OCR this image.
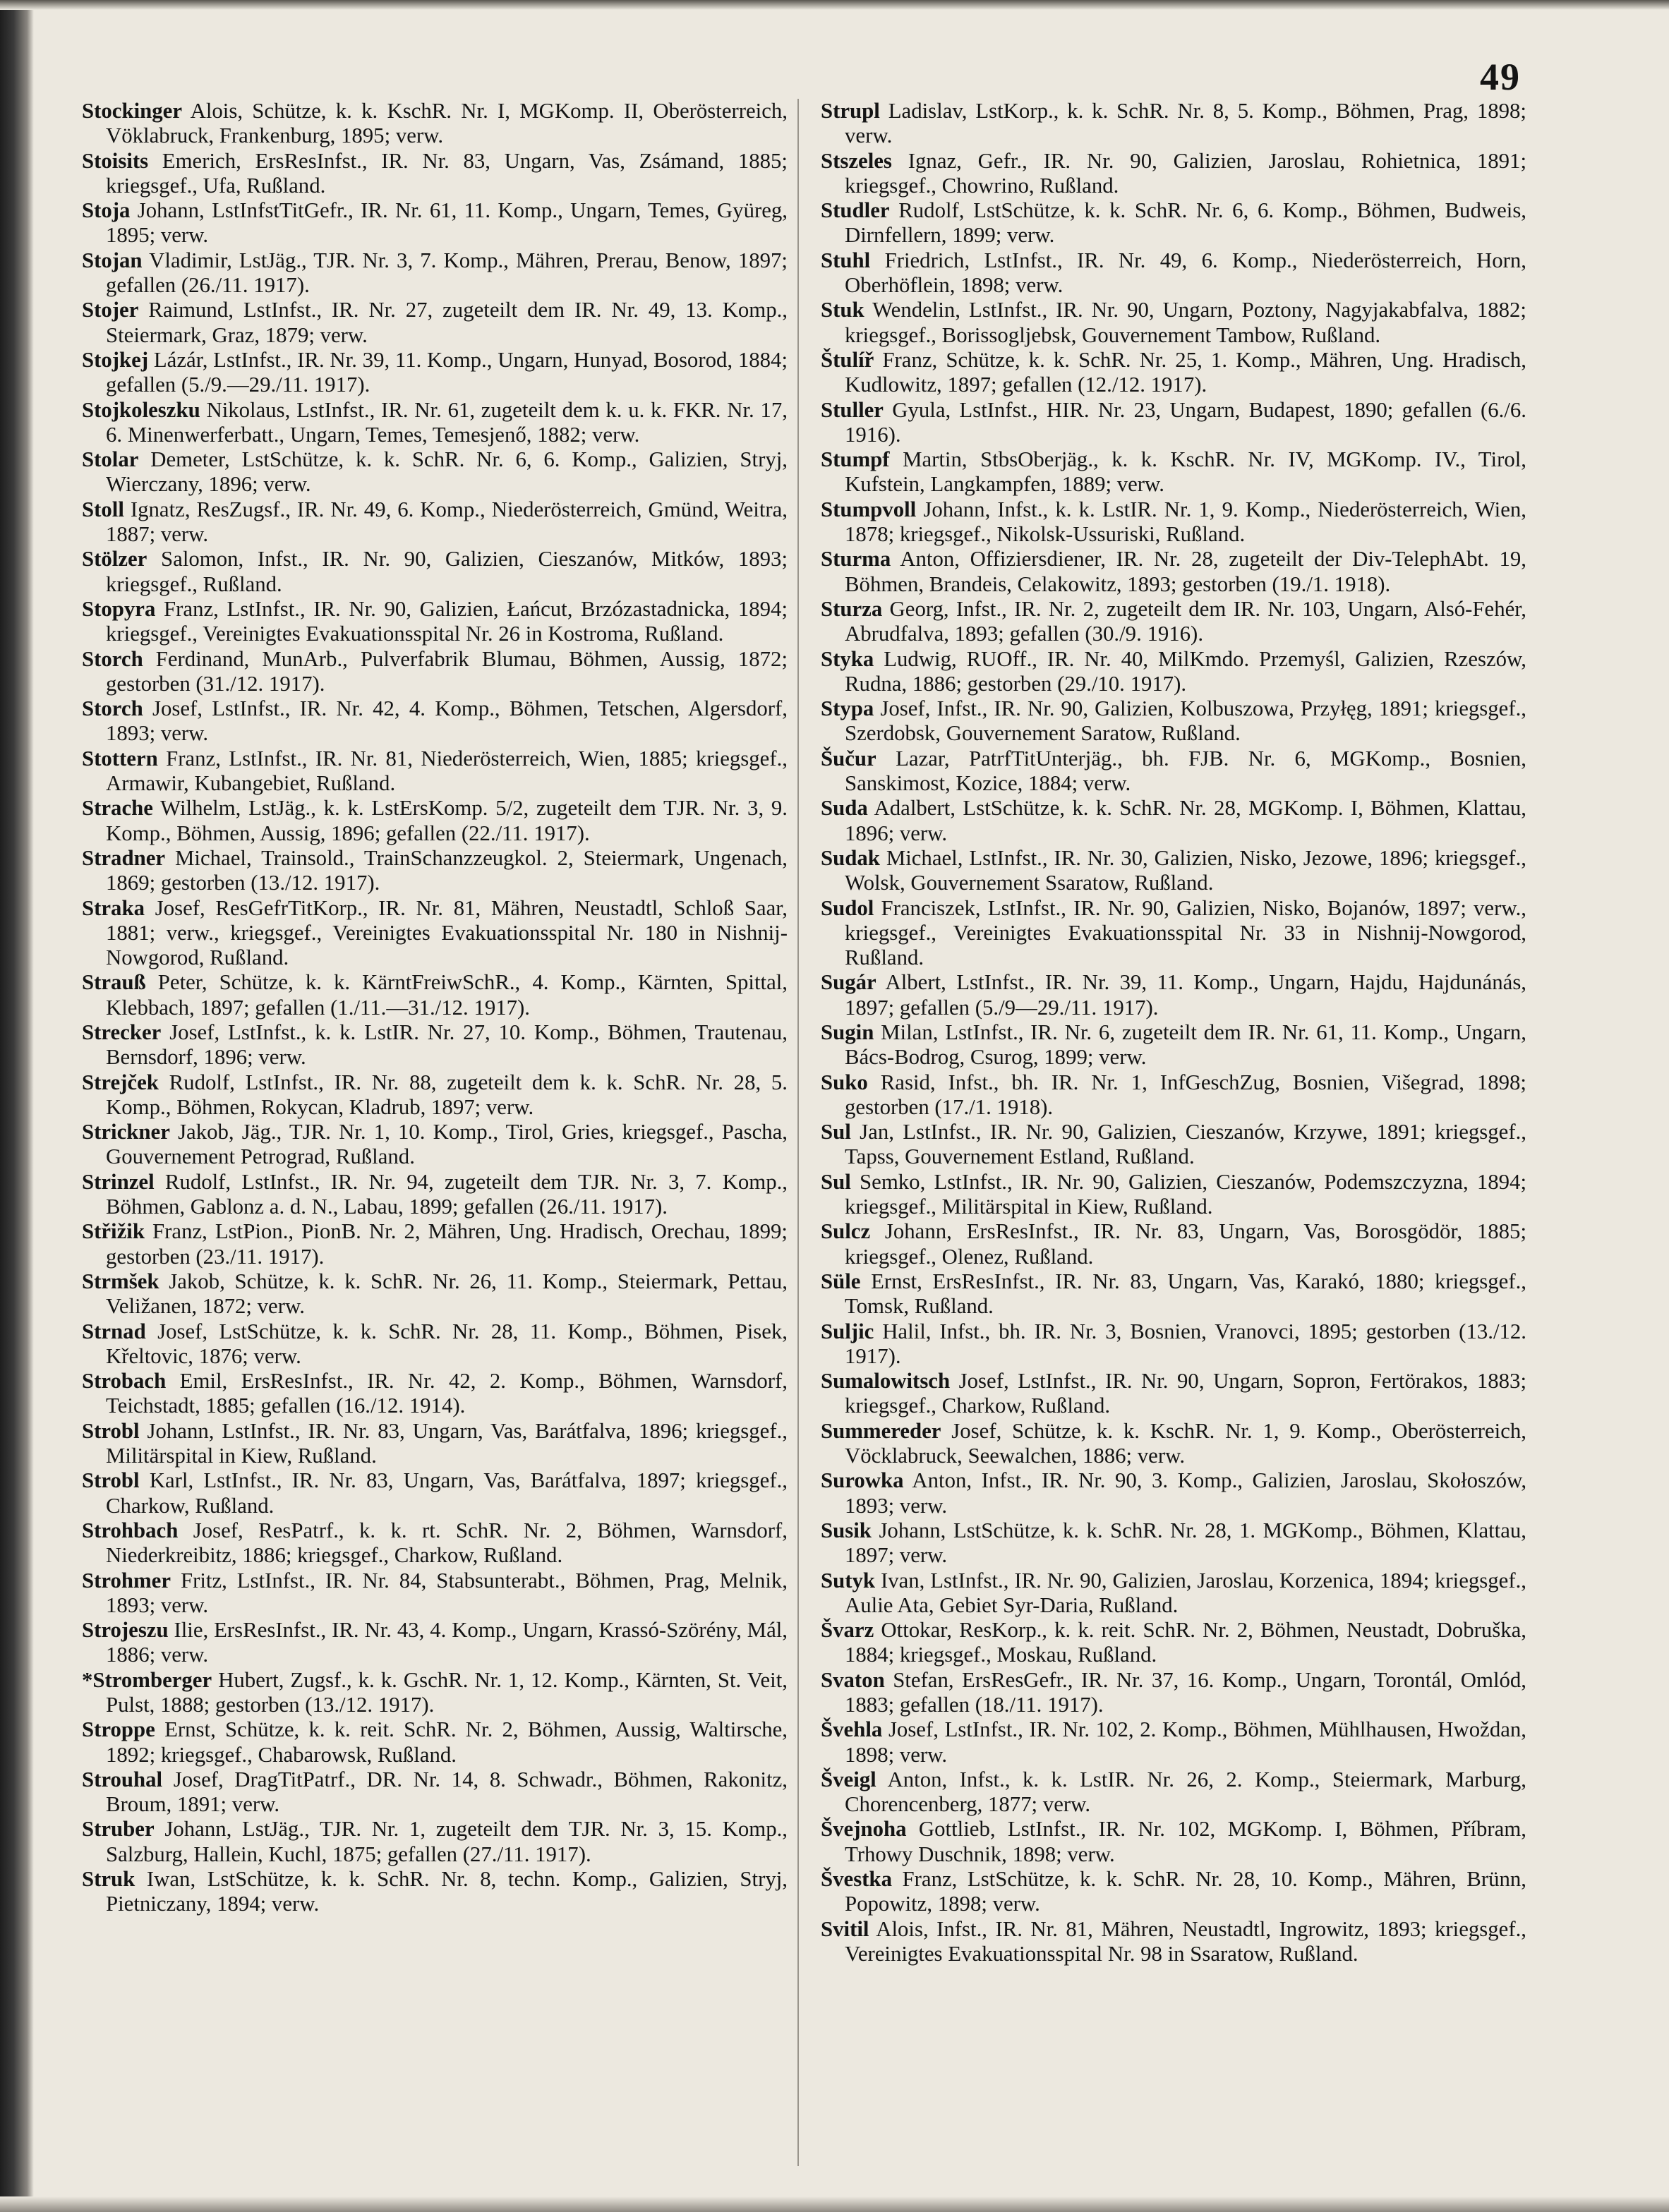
49

Stockinger Alois, Schütze, k. k. KschR. Nr. I, MGKomp. II, Oberösterreich, Vöklabruck, Frankenburg, 1895; verw.

Stoisits Emerich, ErsResInfst., IR. Nr. 83, Ungarn, Vas, Zsámand, 1885; kriegsgef., Ufa, Rußland.

Stoja Johann, LstInfstTitGefr., IR. Nr. 61, 11. Komp., Ungarn, Temes, Gyüreg, 1895; verw.

Stojan Vladimir, LstJäg., TJR. Nr. 3, 7. Komp., Mähren, Prerau, Benow, 1897; gefallen (26./11. 1917).

Stojer Raimund, LstInfst., IR. Nr. 27, zugeteilt dem IR. Nr. 49, 13. Komp., Steiermark, Graz, 1879; verw.

Stojkej Lázár, LstInfst., IR. Nr. 39, 11. Komp., Ungarn, Hunyad, Bosorod, 1884; gefallen (5./9.—29./11. 1917).

Stojkoleszku Nikolaus, LstInfst., IR. Nr. 61, zugeteilt dem k. u. k. FKR. Nr. 17, 6. Minenwerferbatt., Ungarn, Temes, Temesjenő, 1882; verw.

Stolar Demeter, LstSchütze, k. k. SchR. Nr. 6, 6. Komp., Galizien, Stryj, Wierczany, 1896; verw.

Stoll Ignatz, ResZugsf., IR. Nr. 49, 6. Komp., Niederösterreich, Gmünd, Weitra, 1887; verw.

Stölzer Salomon, Infst., IR. Nr. 90, Galizien, Cieszanów, Mitków, 1893; kriegsgef., Rußland.

Stopyra Franz, LstInfst., IR. Nr. 90, Galizien, Łańcut, Brzózastadnicka, 1894; kriegsgef., Vereinigtes Evakuationsspital Nr. 26 in Kostroma, Rußland.

Storch Ferdinand, MunArb., Pulverfabrik Blumau, Böhmen, Aussig, 1872; gestorben (31./12. 1917).

Storch Josef, LstInfst., IR. Nr. 42, 4. Komp., Böhmen, Tetschen, Algersdorf, 1893; verw.

Stottern Franz, LstInfst., IR. Nr. 81, Niederösterreich, Wien, 1885; kriegsgef., Armawir, Kubangebiet, Rußland.

Strache Wilhelm, LstJäg., k. k. LstErsKomp. 5/2, zugeteilt dem TJR. Nr. 3, 9. Komp., Böhmen, Aussig, 1896; gefallen (22./11. 1917).

Stradner Michael, Trainsold., TrainSchanzzeugkol. 2, Steiermark, Ungenach, 1869; gestorben (13./12. 1917).

Straka Josef, ResGefrTitKorp., IR. Nr. 81, Mähren, Neustadtl, Schloß Saar, 1881; verw., kriegsgef., Vereinigtes Evakuationsspital Nr. 180 in Nishnij-Nowgorod, Rußland.

Strauß Peter, Schütze, k. k. KärntFreiwSchR., 4. Komp., Kärnten, Spittal, Klebbach, 1897; gefallen (1./11.—31./12. 1917).

Strecker Josef, LstInfst., k. k. LstIR. Nr. 27, 10. Komp., Böhmen, Trautenau, Bernsdorf, 1896; verw.

Strejček Rudolf, LstInfst., IR. Nr. 88, zugeteilt dem k. k. SchR. Nr. 28, 5. Komp., Böhmen, Rokycan, Kladrub, 1897; verw.

Strickner Jakob, Jäg., TJR. Nr. 1, 10. Komp., Tirol, Gries, kriegsgef., Pascha, Gouvernement Petrograd, Rußland.

Strinzel Rudolf, LstInfst., IR. Nr. 94, zugeteilt dem TJR. Nr. 3, 7. Komp., Böhmen, Gablonz a. d. N., Labau, 1899; gefallen (26./11. 1917).

Střižik Franz, LstPion., PionB. Nr. 2, Mähren, Ung. Hradisch, Orechau, 1899; gestorben (23./11. 1917).

Strmšek Jakob, Schütze, k. k. SchR. Nr. 26, 11. Komp., Steiermark, Pettau, Veližanen, 1872; verw.

Strnad Josef, LstSchütze, k. k. SchR. Nr. 28, 11. Komp., Böhmen, Pisek, Křeltovic, 1876; verw.

Strobach Emil, ErsResInfst., IR. Nr. 42, 2. Komp., Böhmen, Warnsdorf, Teichstadt, 1885; gefallen (16./12. 1914).

Strobl Johann, LstInfst., IR. Nr. 83, Ungarn, Vas, Barátfalva, 1896; kriegsgef., Militärspital in Kiew, Rußland.

Strobl Karl, LstInfst., IR. Nr. 83, Ungarn, Vas, Barátfalva, 1897; kriegsgef., Charkow, Rußland.

Strohbach Josef, ResPatrf., k. k. rt. SchR. Nr. 2, Böhmen, Warnsdorf, Niederkreibitz, 1886; kriegsgef., Charkow, Rußland.

Strohmer Fritz, LstInfst., IR. Nr. 84, Stabsunterabt., Böhmen, Prag, Melnik, 1893; verw.

Strojeszu Ilie, ErsResInfst., IR. Nr. 43, 4. Komp., Ungarn, Krassó-Szörény, Mál, 1886; verw.

*Stromberger Hubert, Zugsf., k. k. GschR. Nr. 1, 12. Komp., Kärnten, St. Veit, Pulst, 1888; gestorben (13./12. 1917).

Stroppe Ernst, Schütze, k. k. reit. SchR. Nr. 2, Böhmen, Aussig, Waltirsche, 1892; kriegsgef., Chabarowsk, Rußland.

Strouhal Josef, DragTitPatrf., DR. Nr. 14, 8. Schwadr., Böhmen, Rakonitz, Broum, 1891; verw.

Struber Johann, LstJäg., TJR. Nr. 1, zugeteilt dem TJR. Nr. 3, 15. Komp., Salzburg, Hallein, Kuchl, 1875; gefallen (27./11. 1917).

Struk Iwan, LstSchütze, k. k. SchR. Nr. 8, techn. Komp., Galizien, Stryj, Pietniczany, 1894; verw.

Strupl Ladislav, LstKorp., k. k. SchR. Nr. 8, 5. Komp., Böhmen, Prag, 1898; verw.

Stszeles Ignaz, Gefr., IR. Nr. 90, Galizien, Jaroslau, Rohietnica, 1891; kriegsgef., Chowrino, Rußland.

Studler Rudolf, LstSchütze, k. k. SchR. Nr. 6, 6. Komp., Böhmen, Budweis, Dirnfellern, 1899; verw.

Stuhl Friedrich, LstInfst., IR. Nr. 49, 6. Komp., Niederösterreich, Horn, Oberhöflein, 1898; verw.

Stuk Wendelin, LstInfst., IR. Nr. 90, Ungarn, Poztony, Nagyjakabfalva, 1882; kriegsgef., Borissoglјebsk, Gouvernement Tambow, Rußland.

Štulíř Franz, Schütze, k. k. SchR. Nr. 25, 1. Komp., Mähren, Ung. Hradisch, Kudlowitz, 1897; gefallen (12./12. 1917).

Stuller Gyula, LstInfst., HIR. Nr. 23, Ungarn, Budapest, 1890; gefallen (6./6. 1916).

Stumpf Martin, StbsOberjäg., k. k. KschR. Nr. IV, MGKomp. IV., Tirol, Kufstein, Langkampfen, 1889; verw.

Stumpvoll Johann, Infst., k. k. LstIR. Nr. 1, 9. Komp., Niederösterreich, Wien, 1878; kriegsgef., Nikolsk-Ussuriski, Rußland.

Sturma Anton, Offiziersdiener, IR. Nr. 28, zugeteilt der Div-TelephAbt. 19, Böhmen, Brandeis, Celakowitz, 1893; gestorben (19./1. 1918).

Sturza Georg, Infst., IR. Nr. 2, zugeteilt dem IR. Nr. 103, Ungarn, Alsó-Fehér, Abrudfalva, 1893; gefallen (30./9. 1916).

Styka Ludwig, RUOff., IR. Nr. 40, MilKmdo. Przemyśl, Galizien, Rzeszów, Rudna, 1886; gestorben (29./10. 1917).

Stypa Josef, Infst., IR. Nr. 90, Galizien, Kolbuszowa, Przyłęg, 1891; kriegsgef., Szerdobsk, Gouvernement Saratow, Rußland.

Šučur Lazar, PatrfTitUnterjäg., bh. FJB. Nr. 6, MGKomp., Bosnien, Sanskimost, Kozice, 1884; verw.

Suda Adalbert, LstSchütze, k. k. SchR. Nr. 28, MGKomp. I, Böhmen, Klattau, 1896; verw.

Sudak Michael, LstInfst., IR. Nr. 30, Galizien, Nisko, Jezowe, 1896; kriegsgef., Wolsk, Gouvernement Ssaratow, Rußland.

Sudol Franciszek, LstInfst., IR. Nr. 90, Galizien, Nisko, Bojanów, 1897; verw., kriegsgef., Vereinigtes Evakuationsspital Nr. 33 in Nishnij-Nowgorod, Rußland.

Sugár Albert, LstInfst., IR. Nr. 39, 11. Komp., Ungarn, Hajdu, Hajdunánás, 1897; gefallen (5./9—29./11. 1917).

Sugin Milan, LstInfst., IR. Nr. 6, zugeteilt dem IR. Nr. 61, 11. Komp., Ungarn, Bács-Bodrog, Csurog, 1899; verw.

Suko Rasid, Infst., bh. IR. Nr. 1, InfGeschZug, Bosnien, Višegrad, 1898; gestorben (17./1. 1918).

Sul Jan, LstInfst., IR. Nr. 90, Galizien, Cieszanów, Krzywe, 1891; kriegsgef., Tapss, Gouvernement Estland, Rußland.

Sul Semko, LstInfst., IR. Nr. 90, Galizien, Cieszanów, Podemszczyzna, 1894; kriegsgef., Militärspital in Kiew, Rußland.

Sulcz Johann, ErsResInfst., IR. Nr. 83, Ungarn, Vas, Borosgödör, 1885; kriegsgef., Olenez, Rußland.

Süle Ernst, ErsResInfst., IR. Nr. 83, Ungarn, Vas, Karakó, 1880; kriegsgef., Tomsk, Rußland.

Suljic Halil, Infst., bh. IR. Nr. 3, Bosnien, Vranovci, 1895; gestorben (13./12. 1917).

Sumalowitsch Josef, LstInfst., IR. Nr. 90, Ungarn, Sopron, Fertörakos, 1883; kriegsgef., Charkow, Rußland.

Summereder Josef, Schütze, k. k. KschR. Nr. 1, 9. Komp., Oberösterreich, Vöcklabruck, Seewalchen, 1886; verw.

Surowka Anton, Infst., IR. Nr. 90, 3. Komp., Galizien, Jaroslau, Skołoszów, 1893; verw.

Susik Johann, LstSchütze, k. k. SchR. Nr. 28, 1. MGKomp., Böhmen, Klattau, 1897; verw.

Sutyk Ivan, LstInfst., IR. Nr. 90, Galizien, Jaroslau, Korzenica, 1894; kriegsgef., Aulie Ata, Gebiet Syr-Daria, Rußland.

Švarz Ottokar, ResKorp., k. k. reit. SchR. Nr. 2, Böhmen, Neustadt, Dobruška, 1884; kriegsgef., Moskau, Rußland.

Svaton Stefan, ErsResGefr., IR. Nr. 37, 16. Komp., Ungarn, Torontál, Omlód, 1883; gefallen (18./11. 1917).

Švehla Josef, LstInfst., IR. Nr. 102, 2. Komp., Böhmen, Mühlhausen, Hwoždan, 1898; verw.

Šveigl Anton, Infst., k. k. LstIR. Nr. 26, 2. Komp., Steiermark, Marburg, Chorencenberg, 1877; verw.

Švejnoha Gottlieb, LstInfst., IR. Nr. 102, MGKomp. I, Böhmen, Příbram, Trhowy Duschnik, 1898; verw.

Švestka Franz, LstSchütze, k. k. SchR. Nr. 28, 10. Komp., Mähren, Brünn, Popowitz, 1898; verw.

Svitil Alois, Infst., IR. Nr. 81, Mähren, Neustadtl, Ingrowitz, 1893; kriegsgef., Vereinigtes Evakuationsspital Nr. 98 in Ssaratow, Rußland.
